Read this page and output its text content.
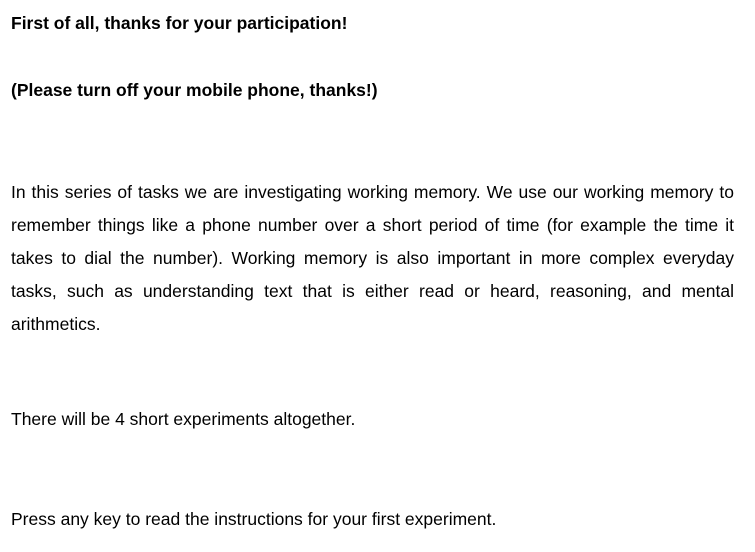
First of all, thanks for your participation!

(Please turn off your mobile phone, thanks!)

In this series of tasks we are investigating working memory. We use our working memory to remember things like a phone number over a short period of time (for example the time it takes to dial the number). Working memory is also important in more complex everyday tasks, such as understanding text that is either read or heard, reasoning, and mental arithmetics.

There will be 4 short experiments altogether.

Press any key to read the instructions for your first experiment.
